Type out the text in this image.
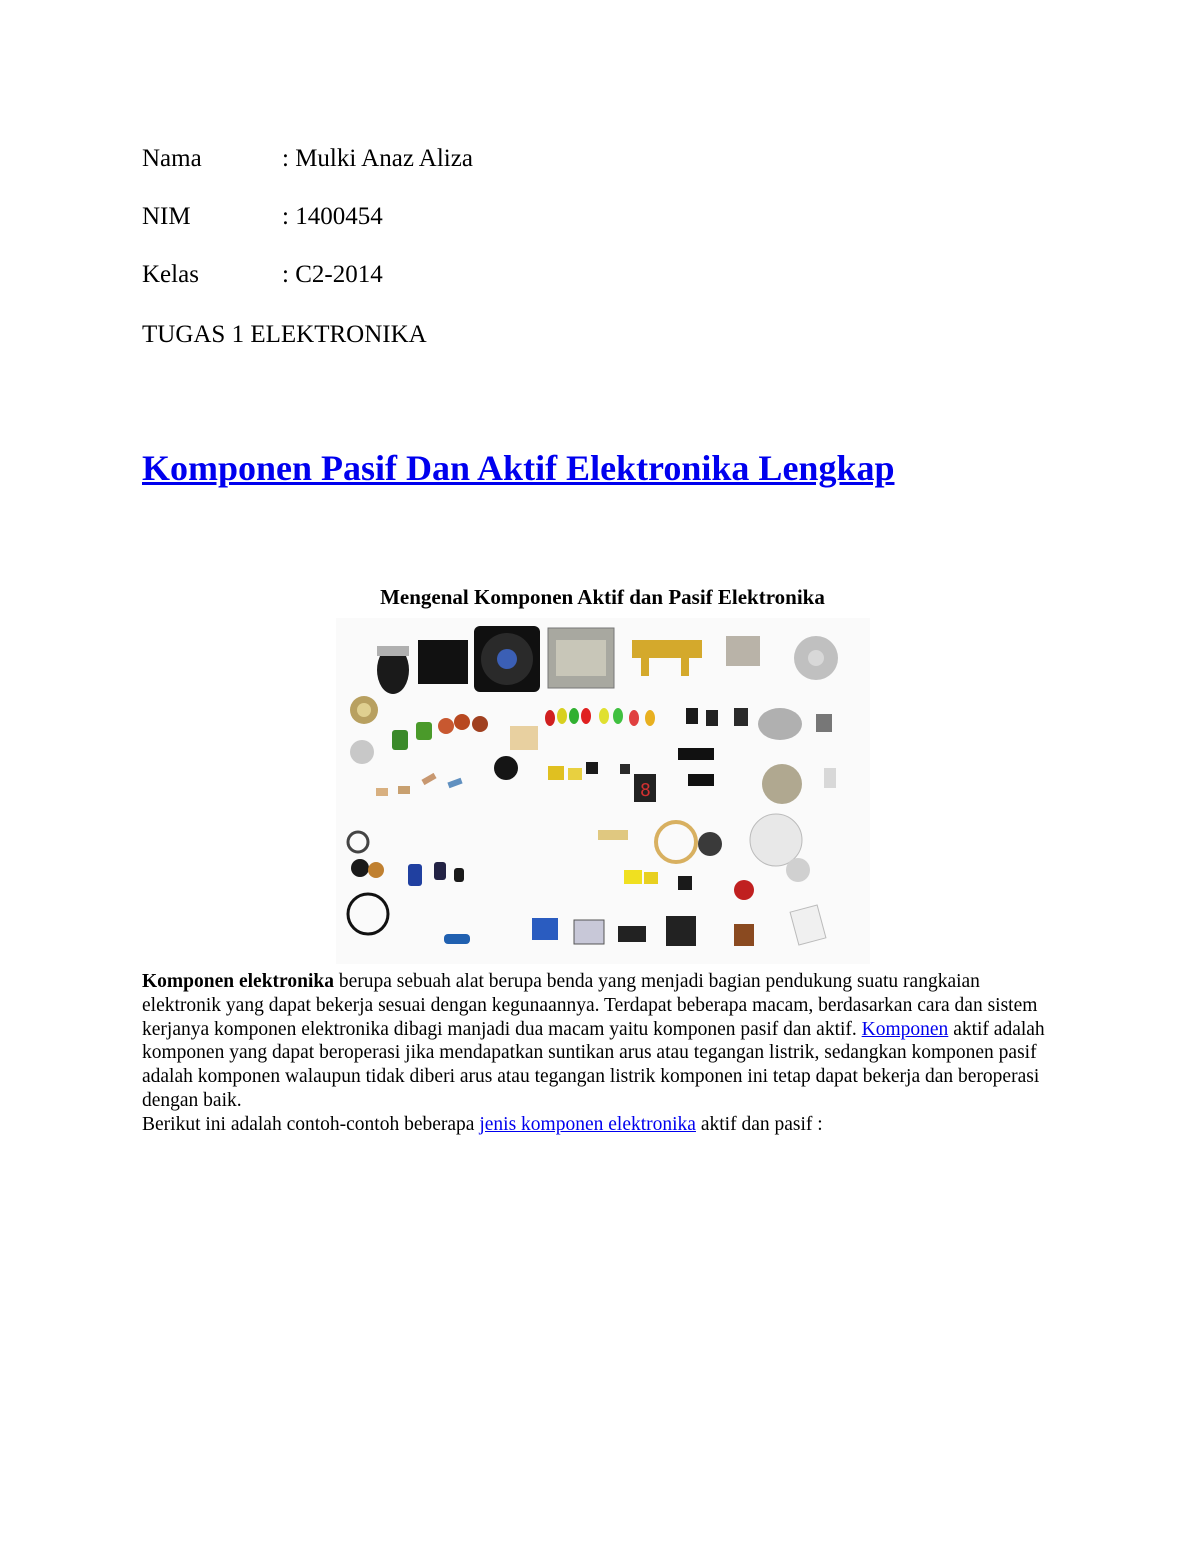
Nama	: Mulki Anaz Aliza
NIM	: 1400454
Kelas	: C2-2014
TUGAS 1 ELEKTRONIKA
Komponen Pasif Dan Aktif Elektronika Lengkap
Mengenal Komponen Aktif dan Pasif Elektronika
8

Komponen elektronika berupa sebuah alat berupa benda yang menjadi bagian pendukung suatu rangkaian elektronik yang dapat bekerja sesuai dengan kegunaannya. Terdapat beberapa macam, berdasarkan cara dan sistem kerjanya komponen elektronika dibagi manjadi dua macam yaitu komponen pasif dan aktif. Komponen aktif adalah komponen yang dapat beroperasi jika mendapatkan suntikan arus atau tegangan listrik, sedangkan komponen pasif adalah komponen walaupun tidak diberi arus atau tegangan listrik komponen ini tetap dapat bekerja dan beroperasi dengan baik.

Berikut ini adalah contoh-contoh beberapa jenis komponen elektronika aktif dan pasif :
